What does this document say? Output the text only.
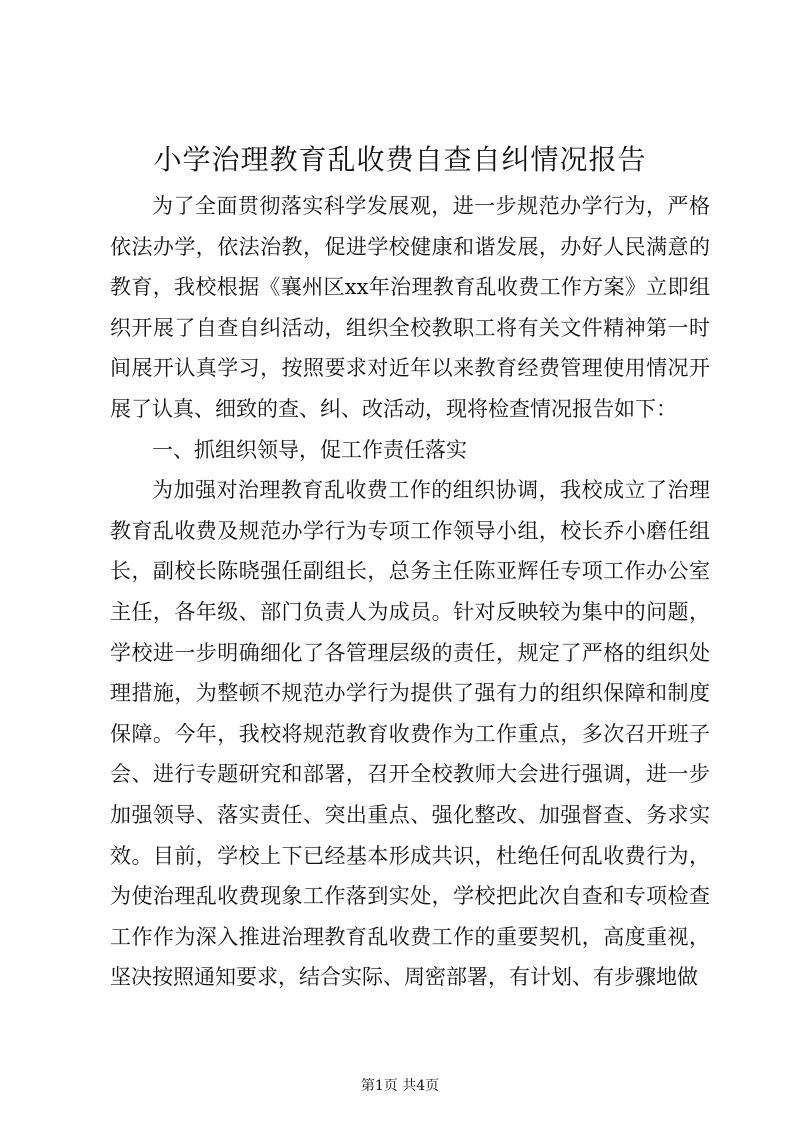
小学治理教育乱收费自查自纠情况报告

为了全面贯彻落实科学发展观，进一步规范办学行为，严格依法办学，依法治教，促进学校健康和谐发展，办好人民满意的教育，我校根据《襄州区xx年治理教育乱收费工作方案》立即组织开展了自查自纠活动，组织全校教职工将有关文件精神第一时间展开认真学习，按照要求对近年以来教育经费管理使用情况开展了认真、细致的查、纠、改活动，现将检查情况报告如下：

一、抓组织领导，促工作责任落实

为加强对治理教育乱收费工作的组织协调，我校成立了治理教育乱收费及规范办学行为专项工作领导小组，校长乔小磨任组长，副校长陈晓强任副组长，总务主任陈亚辉任专项工作办公室主任，各年级、部门负责人为成员。针对反映较为集中的问题，学校进一步明确细化了各管理层级的责任，规定了严格的组织处理措施，为整顿不规范办学行为提供了强有力的组织保障和制度保障。今年，我校将规范教育收费作为工作重点，多次召开班子会、进行专题研究和部署，召开全校教师大会进行强调，进一步加强领导、落实责任、突出重点、强化整改、加强督查、务求实效。目前，学校上下已经基本形成共识，杜绝任何乱收费行为，为使治理乱收费现象工作落到实处，学校把此次自查和专项检查工作作为深入推进治理教育乱收费工作的重要契机，高度重视，坚决按照通知要求，结合实际、周密部署，有计划、有步骤地做

第1页 共4页
